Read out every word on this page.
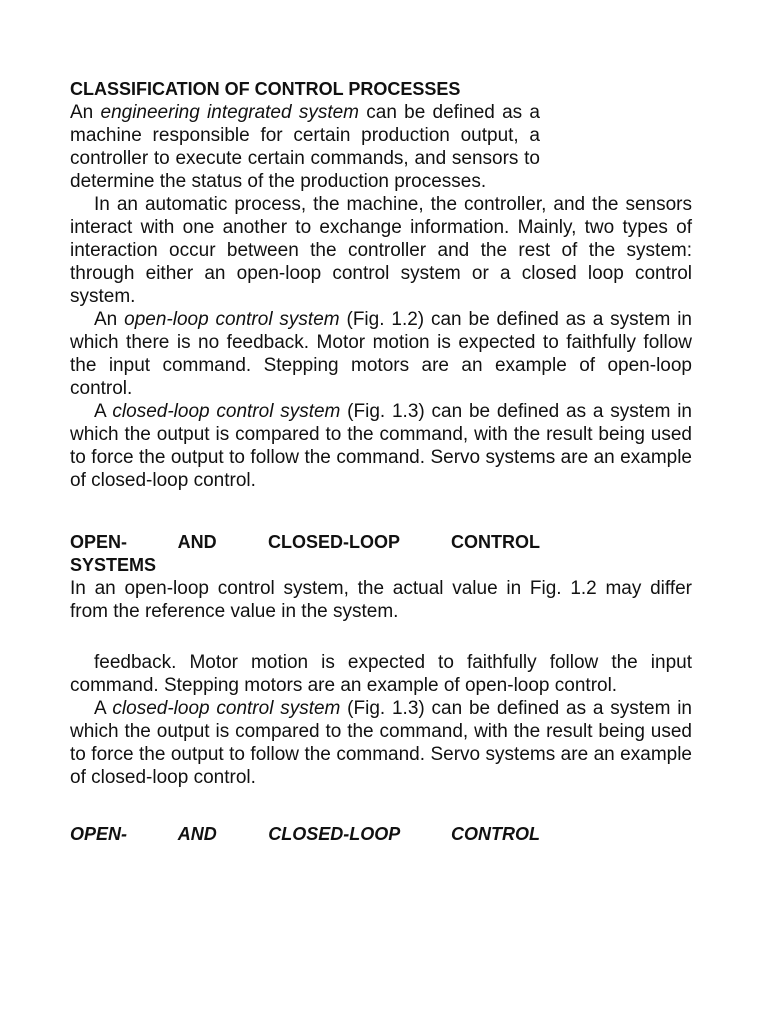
CLASSIFICATION OF CONTROL PROCESSES

An engineering integrated system can be defined as a machine responsible for certain production output, a controller to execute certain commands, and sensors to determine the status of the production processes.

In an automatic process, the machine, the controller, and the sensors interact with one another to exchange information. Mainly, two types of interaction occur between the controller and the rest of the system: through either an open-loop control system or a closed loop control system.

An open-loop control system (Fig. 1.2) can be defined as a system in which there is no feedback. Motor motion is expected to faithfully follow the input command. Stepping motors are an example of open-loop control.

A closed-loop control system (Fig. 1.3) can be defined as a system in which the output is compared to the command, with the result being used to force the output to follow the command. Servo systems are an example of closed-loop control.

OPEN- AND CLOSED-LOOP CONTROL

SYSTEMS

In an open-loop control system, the actual value in Fig. 1.2 may differ from the reference value in the system.

feedback. Motor motion is expected to faithfully follow the input command. Stepping motors are an example of open-loop control.

A closed-loop control system (Fig. 1.3) can be defined as a system in which the output is compared to the command, with the result being used to force the output to follow the command. Servo systems are an example of closed-loop control.

OPEN- AND CLOSED-LOOP CONTROL
